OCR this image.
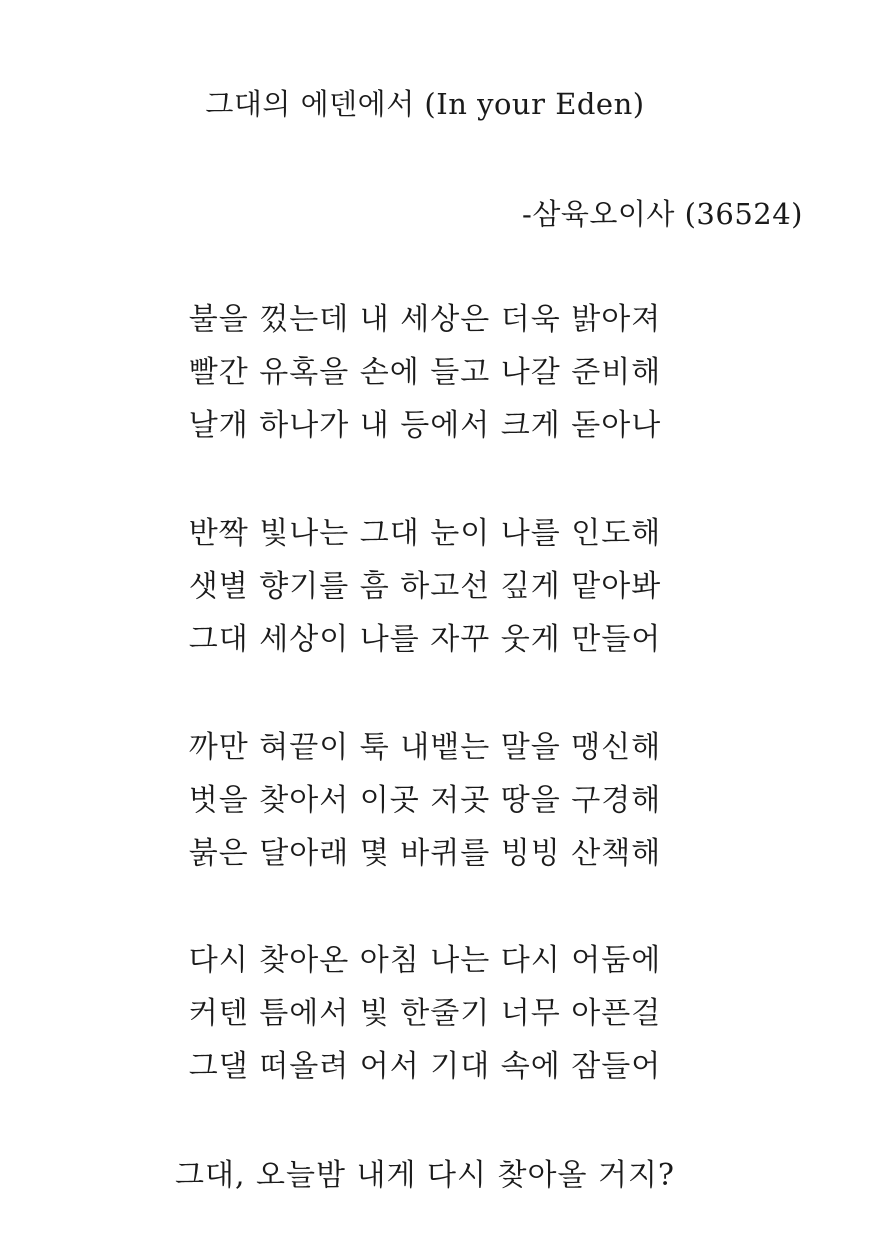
그대의 에덴에서 (In your Eden)
-삼육오이사 (36524)
불을 껐는데 내 세상은 더욱 밝아져
빨간 유혹을 손에 들고 나갈 준비해
날개 하나가 내 등에서 크게 돋아나
반짝 빛나는 그대 눈이 나를 인도해
샛별 향기를 흠 하고선 깊게 맡아봐
그대 세상이 나를 자꾸 웃게 만들어
까만 혀끝이 툭 내뱉는 말을 맹신해
벗을 찾아서 이곳 저곳 땅을 구경해
붉은 달아래 몇 바퀴를 빙빙 산책해
다시 찾아온 아침 나는 다시 어둠에
커텐 틈에서 빛 한줄기 너무 아픈걸
그댈 떠올려 어서 기대 속에 잠들어
그대, 오늘밤 내게 다시 찾아올 거지?
